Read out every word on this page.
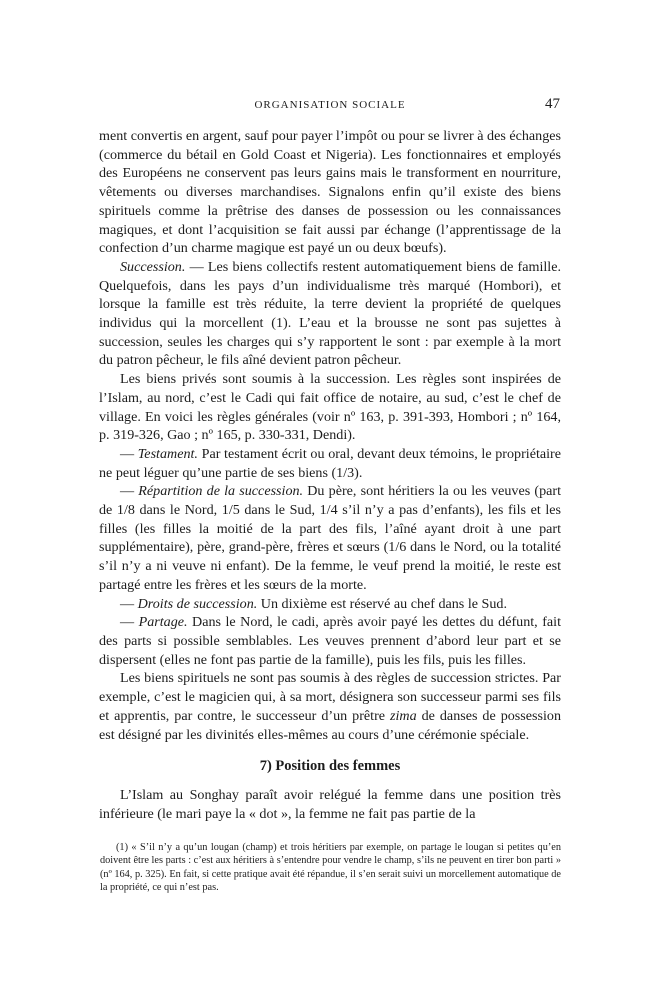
ORGANISATION SOCIALE	47

ment convertis en argent, sauf pour payer l’impôt ou pour se livrer à des échanges (commerce du bétail en Gold Coast et Nigeria). Les fonctionnaires et employés des Européens ne conservent pas leurs gains mais le transforment en nourriture, vêtements ou diverses marchandises. Signalons enfin qu’il existe des biens spirituels comme la prêtrise des danses de possession ou les connaissances magiques, et dont l’acquisition se fait aussi par échange (l’apprentissage de la confection d’un charme magique est payé un ou deux bœufs).

Succession. — Les biens collectifs restent automatiquement biens de famille. Quelquefois, dans les pays d’un individualisme très marqué (Hombori), et lorsque la famille est très réduite, la terre devient la propriété de quelques individus qui la morcellent (1). L’eau et la brousse ne sont pas sujettes à succession, seules les charges qui s’y rapportent le sont : par exemple à la mort du patron pêcheur, le fils aîné devient patron pêcheur.

Les biens privés sont soumis à la succession. Les règles sont inspirées de l’Islam, au nord, c’est le Cadi qui fait office de notaire, au sud, c’est le chef de village. En voici les règles générales (voir nº 163, p. 391-393, Hombori ; nº 164, p. 319-326, Gao ; nº 165, p. 330-331, Dendi).

— Testament. Par testament écrit ou oral, devant deux témoins, le propriétaire ne peut léguer qu’une partie de ses biens (1/3).

— Répartition de la succession. Du père, sont héritiers la ou les veuves (part de 1/8 dans le Nord, 1/5 dans le Sud, 1/4 s’il n’y a pas d’enfants), les fils et les filles (les filles la moitié de la part des fils, l’aîné ayant droit à une part supplémentaire), père, grand-père, frères et sœurs (1/6 dans le Nord, ou la totalité s’il n’y a ni veuve ni enfant). De la femme, le veuf prend la moitié, le reste est partagé entre les frères et les sœurs de la morte.

— Droits de succession. Un dixième est réservé au chef dans le Sud.

— Partage. Dans le Nord, le cadi, après avoir payé les dettes du défunt, fait des parts si possible semblables. Les veuves prennent d’abord leur part et se dispersent (elles ne font pas partie de la famille), puis les fils, puis les filles.

Les biens spirituels ne sont pas soumis à des règles de succession strictes. Par exemple, c’est le magicien qui, à sa mort, désignera son successeur parmi ses fils et apprentis, par contre, le successeur d’un prêtre zima de danses de possession est désigné par les divinités elles-mêmes au cours d’une cérémonie spéciale.

7) Position des femmes

L’Islam au Songhay paraît avoir relégué la femme dans une position très inférieure (le mari paye la « dot », la femme ne fait pas partie de la

(1) « S’il n’y a qu’un lougan (champ) et trois héritiers par exemple, on partage le lougan si petites qu’en doivent être les parts : c’est aux héritiers à s’entendre pour vendre le champ, s’ils ne peuvent en tirer bon parti » (nº 164, p. 325). En fait, si cette pratique avait été répandue, il s’en serait suivi un morcellement automatique de la propriété, ce qui n’est pas.
